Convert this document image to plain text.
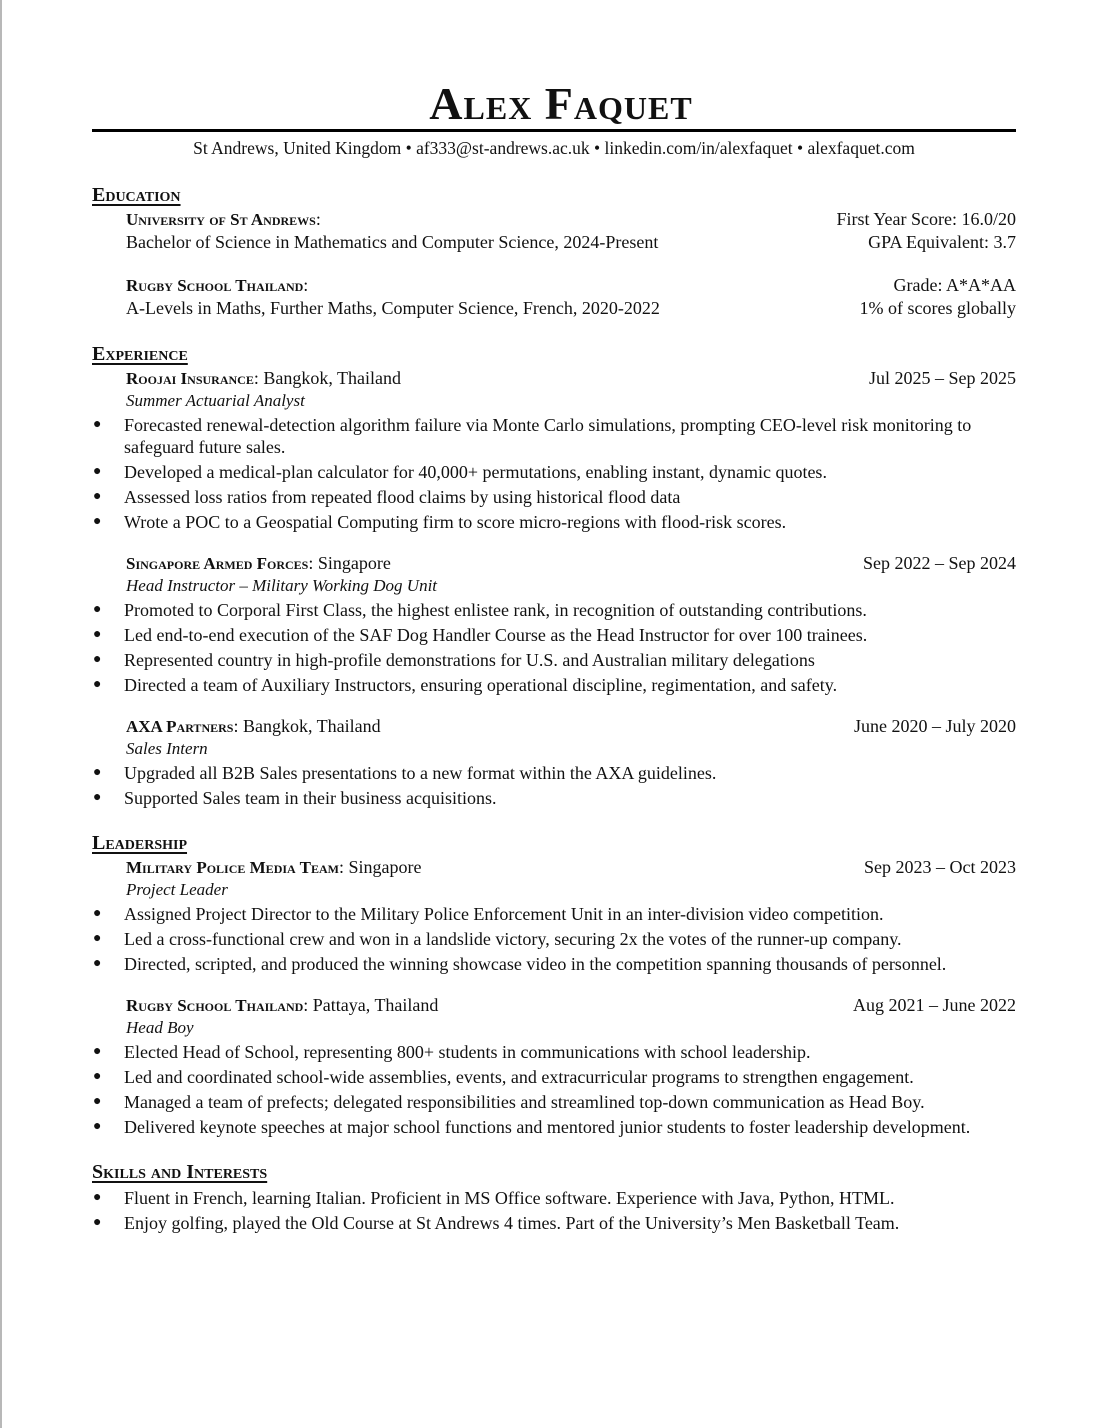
Alex Faquet
St Andrews, United Kingdom • af333@st-andrews.ac.uk • linkedin.com/in/alexfaquet • alexfaquet.com
Education
University of St Andrews:	First Year Score: 16.0/20
Bachelor of Science in Mathematics and Computer Science, 2024-Present	GPA Equivalent: 3.7
Rugby School Thailand:	Grade: A*A*AA
A-Levels in Maths, Further Maths, Computer Science, French, 2020-2022	1% of scores globally
Experience
Roojai Insurance: Bangkok, Thailand	Jul 2025 – Sep 2025
Summer Actuarial Analyst
● Forecasted renewal-detection algorithm failure via Monte Carlo simulations, prompting CEO-level risk monitoring to safeguard future sales.
● Developed a medical-plan calculator for 40,000+ permutations, enabling instant, dynamic quotes.
● Assessed loss ratios from repeated flood claims by using historical flood data
● Wrote a POC to a Geospatial Computing firm to score micro-regions with flood-risk scores.
Singapore Armed Forces: Singapore	Sep 2022 – Sep 2024
Head Instructor – Military Working Dog Unit
● Promoted to Corporal First Class, the highest enlistee rank, in recognition of outstanding contributions.
● Led end-to-end execution of the SAF Dog Handler Course as the Head Instructor for over 100 trainees.
● Represented country in high-profile demonstrations for U.S. and Australian military delegations
● Directed a team of Auxiliary Instructors, ensuring operational discipline, regimentation, and safety.
AXA Partners: Bangkok, Thailand	June 2020 – July 2020
Sales Intern
● Upgraded all B2B Sales presentations to a new format within the AXA guidelines.
● Supported Sales team in their business acquisitions.
Leadership
Military Police Media Team: Singapore	Sep 2023 – Oct 2023
Project Leader
● Assigned Project Director to the Military Police Enforcement Unit in an inter-division video competition.
● Led a cross-functional crew and won in a landslide victory, securing 2x the votes of the runner-up company.
● Directed, scripted, and produced the winning showcase video in the competition spanning thousands of personnel.
Rugby School Thailand: Pattaya, Thailand	Aug 2021 – June 2022
Head Boy
● Elected Head of School, representing 800+ students in communications with school leadership.
● Led and coordinated school-wide assemblies, events, and extracurricular programs to strengthen engagement.
● Managed a team of prefects; delegated responsibilities and streamlined top-down communication as Head Boy.
● Delivered keynote speeches at major school functions and mentored junior students to foster leadership development.
Skills and Interests
● Fluent in French, learning Italian. Proficient in MS Office software. Experience with Java, Python, HTML.
● Enjoy golfing, played the Old Course at St Andrews 4 times. Part of the University’s Men Basketball Team.
